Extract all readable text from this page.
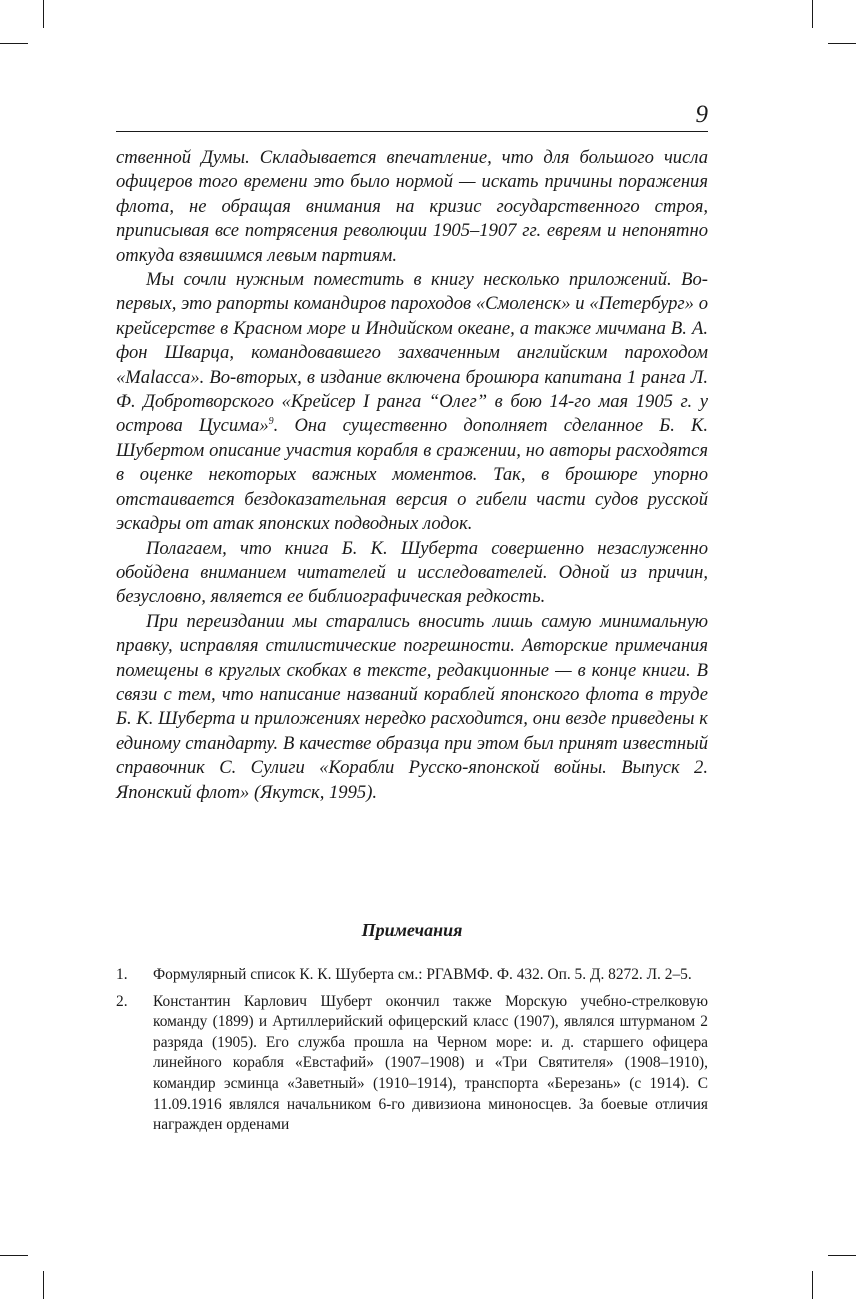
9

ственной Думы. Складывается впечатление, что для большого числа офицеров того времени это было нормой — искать причины поражения флота, не обращая внимания на кризис государственного строя, приписывая все потрясения революции 1905–1907 гг. евреям и непонятно откуда взявшимся левым партиям.

Мы сочли нужным поместить в книгу несколько приложений. Во-первых, это рапорты командиров пароходов «Смоленск» и «Петербург» о крейсерстве в Красном море и Индийском океане, а также мичмана В. А. фон Шварца, командовавшего захваченным английским пароходом «Malacca». Во-вторых, в издание включена брошюра капитана 1 ранга Л. Ф. Добротворского «Крейсер I ранга “Олег” в бою 14-го мая 1905 г. у острова Цусима»$^9$. Она существенно дополняет сделанное Б. К. Шубертом описание участия корабля в сражении, но авторы расходятся в оценке некоторых важных моментов. Так, в брошюре упорно отстаивается бездоказательная версия о гибели части судов русской эскадры от атак японских подводных лодок.

Полагаем, что книга Б. К. Шуберта совершенно незаслуженно обойдена вниманием читателей и исследователей. Одной из причин, безусловно, является ее библиографическая редкость.

При переиздании мы старались вносить лишь самую минимальную правку, исправляя стилистические погрешности. Авторские примечания помещены в круглых скобках в тексте, редакционные — в конце книги. В связи с тем, что написание названий кораблей японского флота в труде Б. К. Шуберта и приложениях нередко расходится, они везде приведены к единому стандарту. В качестве образца при этом был принят известный справочник С. Сулиги «Корабли Русско-японской войны. Выпуск 2. Японский флот» (Якутск, 1995).

Примечания
1. Формулярный список К. К. Шуберта см.: РГАВМФ. Ф. 432. Оп. 5. Д. 8272. Л. 2–5.
2. Константин Карлович Шуберт окончил также Морскую учебно-стрелковую команду (1899) и Артиллерийский офицерский класс (1907), являлся штурманом 2 разряда (1905). Его служба прошла на Черном море: и. д. старшего офицера линейного корабля «Евстафий» (1907–1908) и «Три Святителя» (1908–1910), командир эсминца «Заветный» (1910–1914), транспорта «Березань» (с 1914). С 11.09.1916 являлся начальником 6-го дивизиона миноносцев. За боевые отличия награжден орденами
